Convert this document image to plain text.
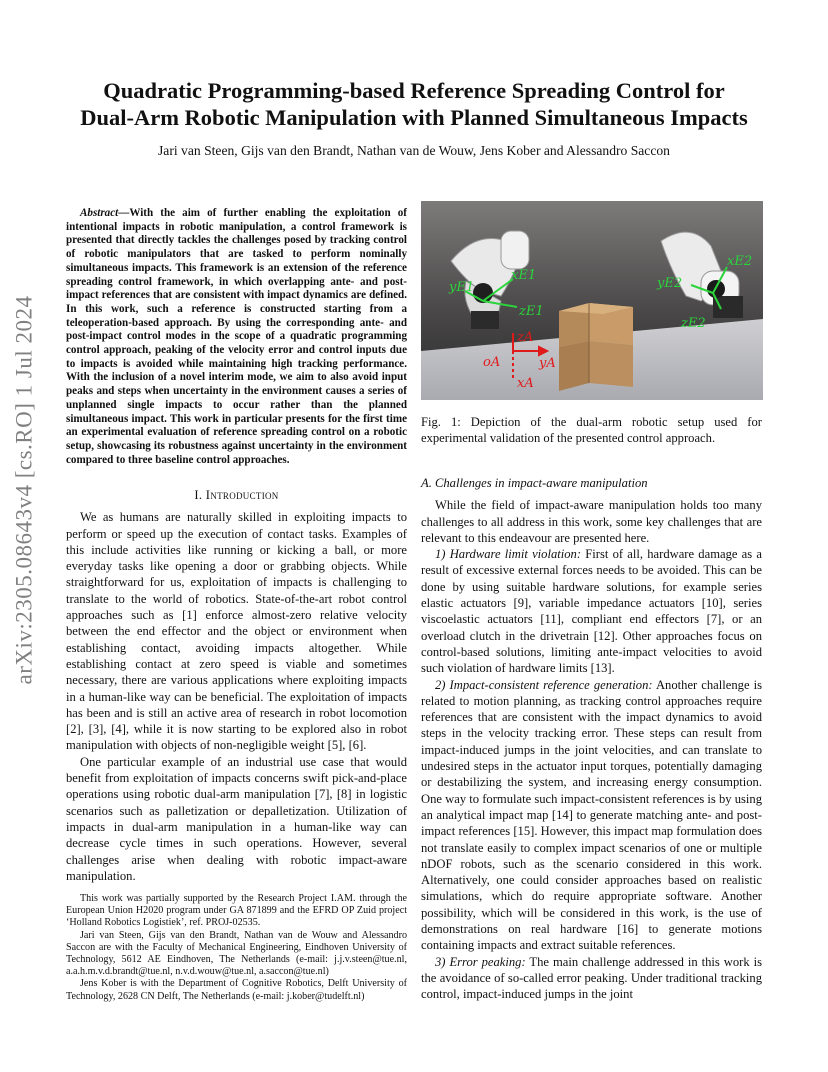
arXiv:2305.08643v4 [cs.RO] 1 Jul 2024
Quadratic Programming-based Reference Spreading Control for
Dual-Arm Robotic Manipulation with Planned Simultaneous Impacts
Jari van Steen, Gijs van den Brandt, Nathan van de Wouw, Jens Kober and Alessandro Saccon

Abstract—With the aim of further enabling the exploitation of intentional impacts in robotic manipulation, a control framework is presented that directly tackles the challenges posed by tracking control of robotic manipulators that are tasked to perform nominally simultaneous impacts. This framework is an extension of the reference spreading control framework, in which overlapping ante- and post-impact references that are consistent with impact dynamics are defined. In this work, such a reference is constructed starting from a teleoperation-based approach. By using the corresponding ante- and post-impact control modes in the scope of a quadratic programming control approach, peaking of the velocity error and control inputs due to impacts is avoided while maintaining high tracking performance. With the inclusion of a novel interim mode, we aim to also avoid input peaks and steps when uncertainty in the environment causes a series of unplanned single impacts to occur rather than the planned simultaneous impact. This work in particular presents for the first time an experimental evaluation of reference spreading control on a robotic setup, showcasing its robustness against uncertainty in the environment compared to three baseline control approaches.

I. Introduction

We as humans are naturally skilled in exploiting impacts to perform or speed up the execution of contact tasks. Examples of this include activities like running or kicking a ball, or more everyday tasks like opening a door or grabbing objects. While straightforward for us, exploitation of impacts is challenging to translate to the world of robotics. State-of-the-art robot control approaches such as [1] enforce almost-zero relative velocity between the end effector and the object or environment when establishing contact, avoiding impacts altogether. While establishing contact at zero speed is viable and sometimes necessary, there are various applications where exploiting impacts in a human-like way can be beneficial. The exploitation of impacts has been and is still an active area of research in robot locomotion [2], [3], [4], while it is now starting to be explored also in robot manipulation with objects of non-negligible weight [5], [6].

One particular example of an industrial use case that would benefit from exploitation of impacts concerns swift pick-and-place operations using robotic dual-arm manipulation [7], [8] in logistic scenarios such as palletization or depalletization. Utilization of impacts in dual-arm manipulation in a human-like way can decrease cycle times in such operations. However, several challenges arise when dealing with robotic impact-aware manipulation.

This work was partially supported by the Research Project I.AM. through the European Union H2020 program under GA 871899 and the EFRD OP Zuid project ‘Holland Robotics Logistiek’, ref. PROJ-02535.

Jari van Steen, Gijs van den Brandt, Nathan van de Wouw and Alessandro Saccon are with the Faculty of Mechanical Engineering, Eindhoven University of Technology, 5612 AE Eindhoven, The Netherlands (e-mail: j.j.v.steen@tue.nl, a.a.h.m.v.d.brandt@tue.nl, n.v.d.wouw@tue.nl, a.saccon@tue.nl)

Jens Kober is with the Department of Cognitive Robotics, Delft University of Technology, 2628 CN Delft, The Netherlands (e-mail: j.kober@tudelft.nl)

xE1
yE1
zE1
xE2
yE2
zE2
oA	yA
xA
zA
Fig. 1: Depiction of the dual-arm robotic setup used for experimental validation of the presented control approach.

A. Challenges in impact-aware manipulation

While the field of impact-aware manipulation holds too many challenges to all address in this work, some key challenges that are relevant to this endeavour are presented here.

1) Hardware limit violation: First of all, hardware damage as a result of excessive external forces needs to be avoided. This can be done by using suitable hardware solutions, for example series elastic actuators [9], variable impedance actuators [10], series viscoelastic actuators [11], compliant end effectors [7], or an overload clutch in the drivetrain [12]. Other approaches focus on control-based solutions, limiting ante-impact velocities to avoid such violation of hardware limits [13].

2) Impact-consistent reference generation: Another challenge is related to motion planning, as tracking control approaches require references that are consistent with the impact dynamics to avoid steps in the velocity tracking error. These steps can result from impact-induced jumps in the joint velocities, and can translate to undesired steps in the actuator input torques, potentially damaging or destabilizing the system, and increasing energy consumption. One way to formulate such impact-consistent references is by using an analytical impact map [14] to generate matching ante- and post-impact references [15]. However, this impact map formulation does not translate easily to complex impact scenarios of one or multiple nDOF robots, such as the scenario considered in this work. Alternatively, one could consider approaches based on realistic simulations, which do require appropriate software. Another possibility, which will be considered in this work, is the use of demonstrations on real hardware [16] to generate motions containing impacts and extract suitable references.

3) Error peaking: The main challenge addressed in this work is the avoidance of so-called error peaking. Under traditional tracking control, impact-induced jumps in the joint
